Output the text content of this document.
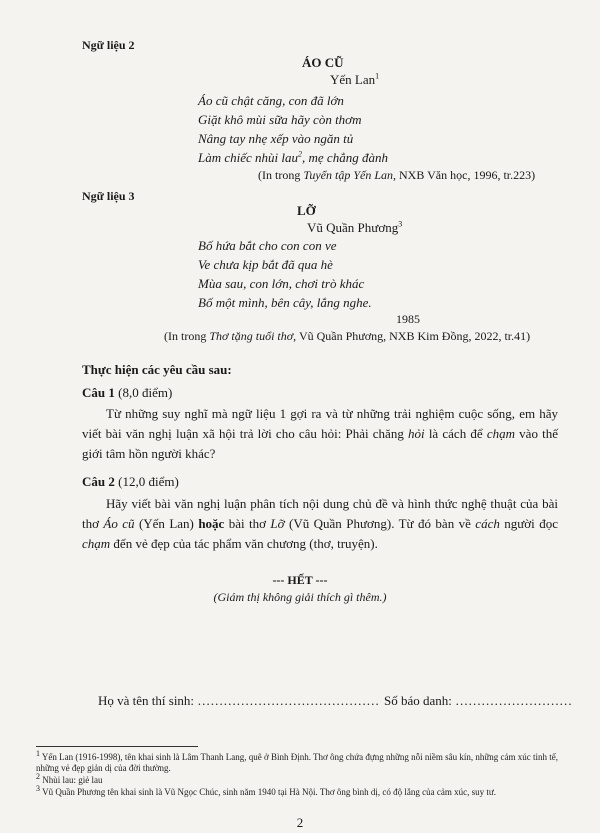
Ngữ liệu 2
ÁO CŨ
Yến Lan$^1$
Áo cũ chật căng, con đã lớn
Giặt khô mùi sữa hãy còn thơm
Nâng tay nhẹ xếp vào ngăn tủ
Làm chiếc nhùi lau$^2$, mẹ chẳng đành
(In trong Tuyển tập Yến Lan, NXB Văn học, 1996, tr.223)
Ngữ liệu 3
LỠ
Vũ Quần Phương$^3$
Bố hứa bắt cho con con ve
Ve chưa kịp bắt đã qua hè
Mùa sau, con lớn, chơi trò khác
Bố một mình, bên cây, lắng nghe.
1985
(In trong Thơ tặng tuổi thơ, Vũ Quần Phương, NXB Kim Đồng, 2022, tr.41)
Thực hiện các yêu cầu sau:
Câu 1 (8,0 điểm)
Từ những suy nghĩ mà ngữ liệu 1 gợi ra và từ những trải nghiệm cuộc sống, em hãy viết bài văn nghị luận xã hội trả lời cho câu hỏi: Phải chăng hỏi là cách để chạm vào thế giới tâm hồn người khác?
Câu 2 (12,0 điểm)
Hãy viết bài văn nghị luận phân tích nội dung chủ đề và hình thức nghệ thuật của bài thơ Áo cũ (Yến Lan) hoặc bài thơ Lỡ (Vũ Quần Phương). Từ đó bàn về cách người đọc chạm đến vẻ đẹp của tác phẩm văn chương (thơ, truyện).
--- HẾT ---
(Giám thị không giải thích gì thêm.)
Họ và tên thí sinh: …………………………………… Số báo danh: ………………………
$^1$ Yến Lan (1916-1998), tên khai sinh là Lâm Thanh Lang, quê ở Bình Định. Thơ ông chứa đựng những nỗi niềm sâu kín, những cảm xúc tinh tế, những vẻ đẹp giản dị của đời thường.
$^2$ Nhùi lau: giẻ lau
$^3$ Vũ Quần Phương tên khai sinh là Vũ Ngọc Chúc, sinh năm 1940 tại Hà Nội. Thơ ông bình dị, có độ lắng của cảm xúc, suy tư.
2
